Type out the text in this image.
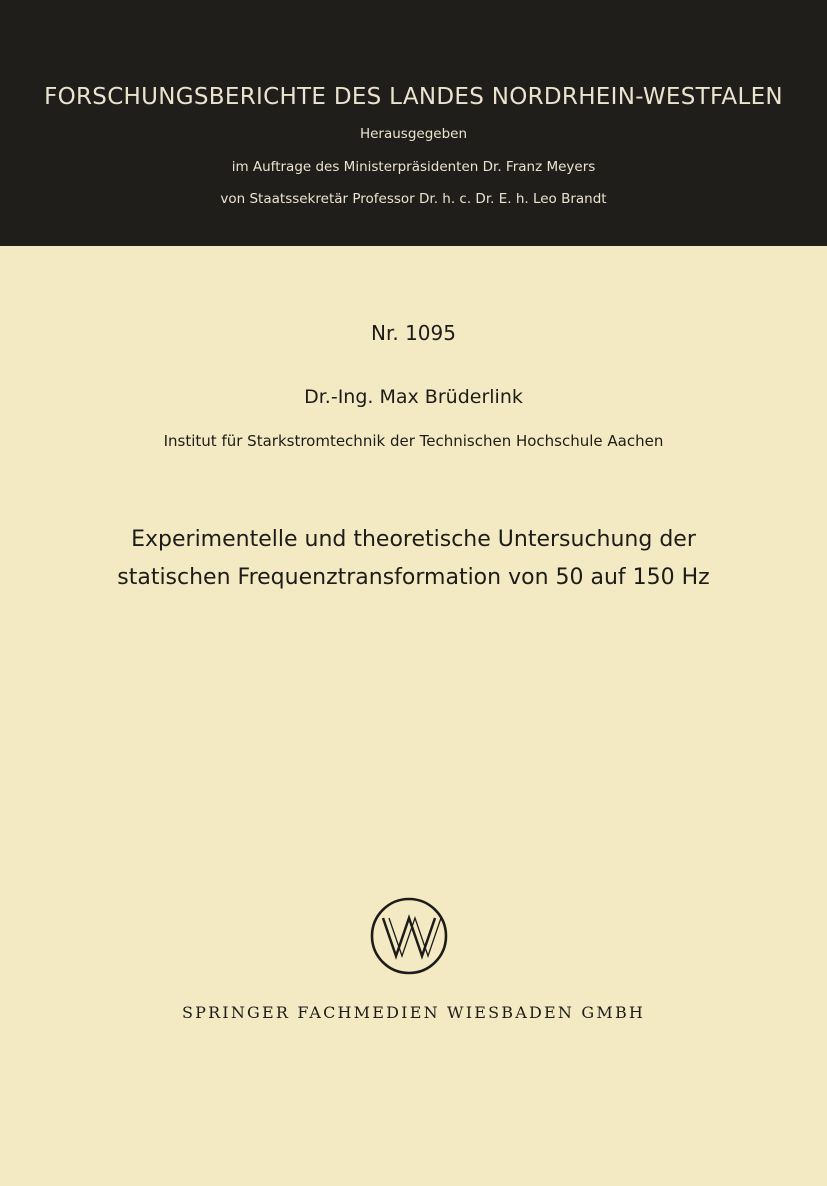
FORSCHUNGSBERICHTE DES LANDES NORDRHEIN-WESTFALEN
Herausgegeben
im Auftrage des Ministerpräsidenten Dr. Franz Meyers
von Staatssekretär Professor Dr. h. c. Dr. E. h. Leo Brandt
Nr. 1095
Dr.-Ing. Max Brüderlink
Institut für Starkstromtechnik der Technischen Hochschule Aachen
Experimentelle und theoretische Untersuchung der
statischen Frequenztransformation von 50 auf 150 Hz
SPRINGER FACHMEDIEN WIESBADEN GMBH
